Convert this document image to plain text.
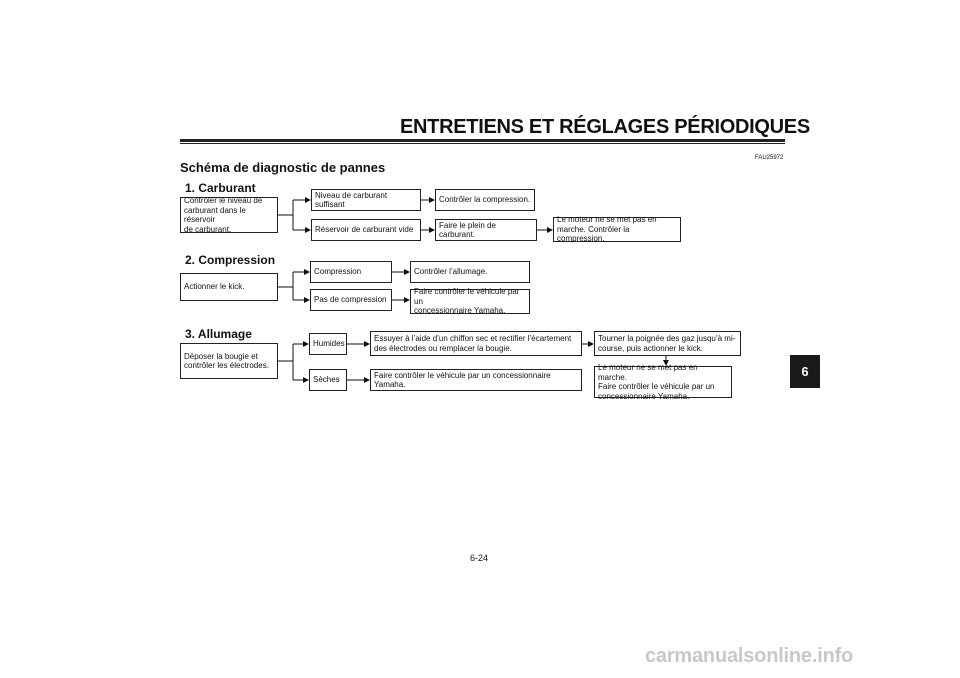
ENTRETIENS ET RÉGLAGES PÉRIODIQUES
FAU25972
Schéma de diagnostic de pannes
1. Carburant
Contrôler le niveau de
carburant dans le réservoir
de carburant.
Niveau de carburant suffisant
Contrôler la compression.
Réservoir de carburant vide
Faire le plein de carburant.
Le moteur ne se met pas en
marche. Contrôler la compression.
2. Compression
Actionner le kick.
Compression	Contrôler l’allumage.
Pas de compression
Faire contrôler le véhicule par un
concessionnaire Yamaha.
3. Allumage
Déposer la bougie et
contrôler les électrodes.
Humides
Essuyer à l’aide d’un chiffon sec et rectifier l’écartement
des électrodes ou remplacer la bougie.
Tourner la poignée des gaz jusqu’à mi-
course, puis actionner le kick.
Sèches
Faire contrôler le véhicule par un concessionnaire Yamaha.
Le moteur ne se met pas en marche.
Faire contrôler le véhicule par un
concessionnaire Yamaha.
6
6-24
carmanualsonline.info
